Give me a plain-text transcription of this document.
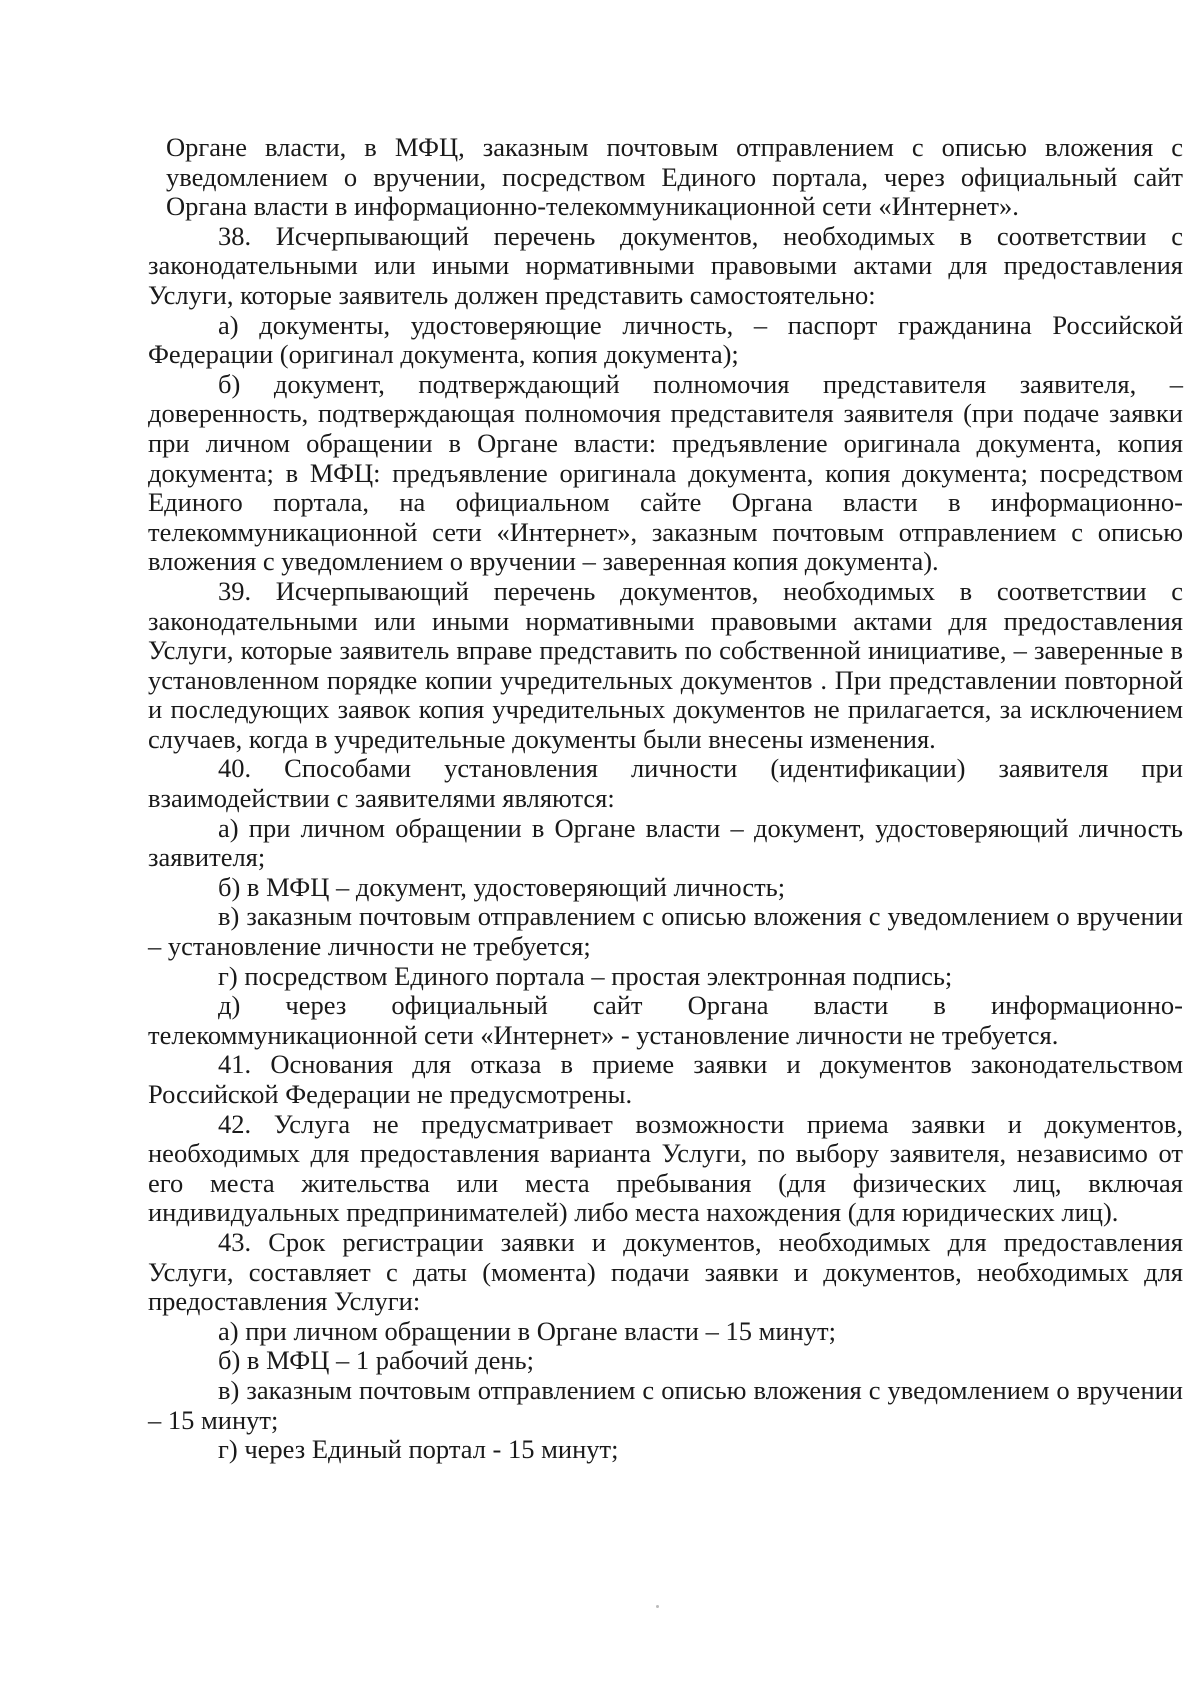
Органе власти, в МФЦ, заказным почтовым отправлением с описью вложения с уведомлением о вручении, посредством Единого портала, через официальный сайт Органа власти в информационно-телекоммуникационной сети «Интернет».

38. Исчерпывающий перечень документов, необходимых в соответствии с законодательными или иными нормативными правовыми актами для предоставления Услуги, которые заявитель должен представить самостоятельно:

а) документы, удостоверяющие личность, – паспорт гражданина Российской Федерации (оригинал документа, копия документа);

б) документ, подтверждающий полномочия представителя заявителя, – доверенность, подтверждающая полномочия представителя заявителя (при подаче заявки при личном обращении в Органе власти: предъявление оригинала документа, копия документа; в МФЦ: предъявление оригинала документа, копия документа; посредством Единого портала, на официальном сайте Органа власти в информационно-телекоммуникационной сети «Интернет», заказным почтовым отправлением с описью вложения с уведомлением о вручении – заверенная копия документа).

39. Исчерпывающий перечень документов, необходимых в соответствии с законодательными или иными нормативными правовыми актами для предоставления Услуги, которые заявитель вправе представить по собственной инициативе, – заверенные в установленном порядке копии учредительных документов . При представлении повторной и последующих заявок копия учредительных документов не прилагается, за исключением случаев, когда в учредительные документы были внесены изменения.

40. Способами установления личности (идентификации) заявителя при взаимодействии с заявителями являются:

а) при личном обращении в Органе власти – документ, удостоверяющий личность заявителя;

б) в МФЦ – документ, удостоверяющий личность;

в) заказным почтовым отправлением с описью вложения с уведомлением о вручении – установление личности не требуется;

г) посредством Единого портала – простая электронная подпись;

д) через официальный сайт Органа власти в информационно-телекоммуникационной сети «Интернет» - установление личности не требуется.

41. Основания для отказа в приеме заявки и документов законодательством Российской Федерации не предусмотрены.

42. Услуга не предусматривает возможности приема заявки и документов, необходимых для предоставления варианта Услуги, по выбору заявителя, независимо от его места жительства или места пребывания (для физических лиц, включая индивидуальных предпринимателей) либо места нахождения (для юридических лиц).

43. Срок регистрации заявки и документов, необходимых для предоставления Услуги, составляет с даты (момента) подачи заявки и документов, необходимых для предоставления Услуги:

а) при личном обращении в Органе власти – 15 минут;

б) в МФЦ – 1 рабочий день;

в) заказным почтовым отправлением с описью вложения с уведомлением о вручении – 15 минут;

г) через Единый портал - 15 минут;
